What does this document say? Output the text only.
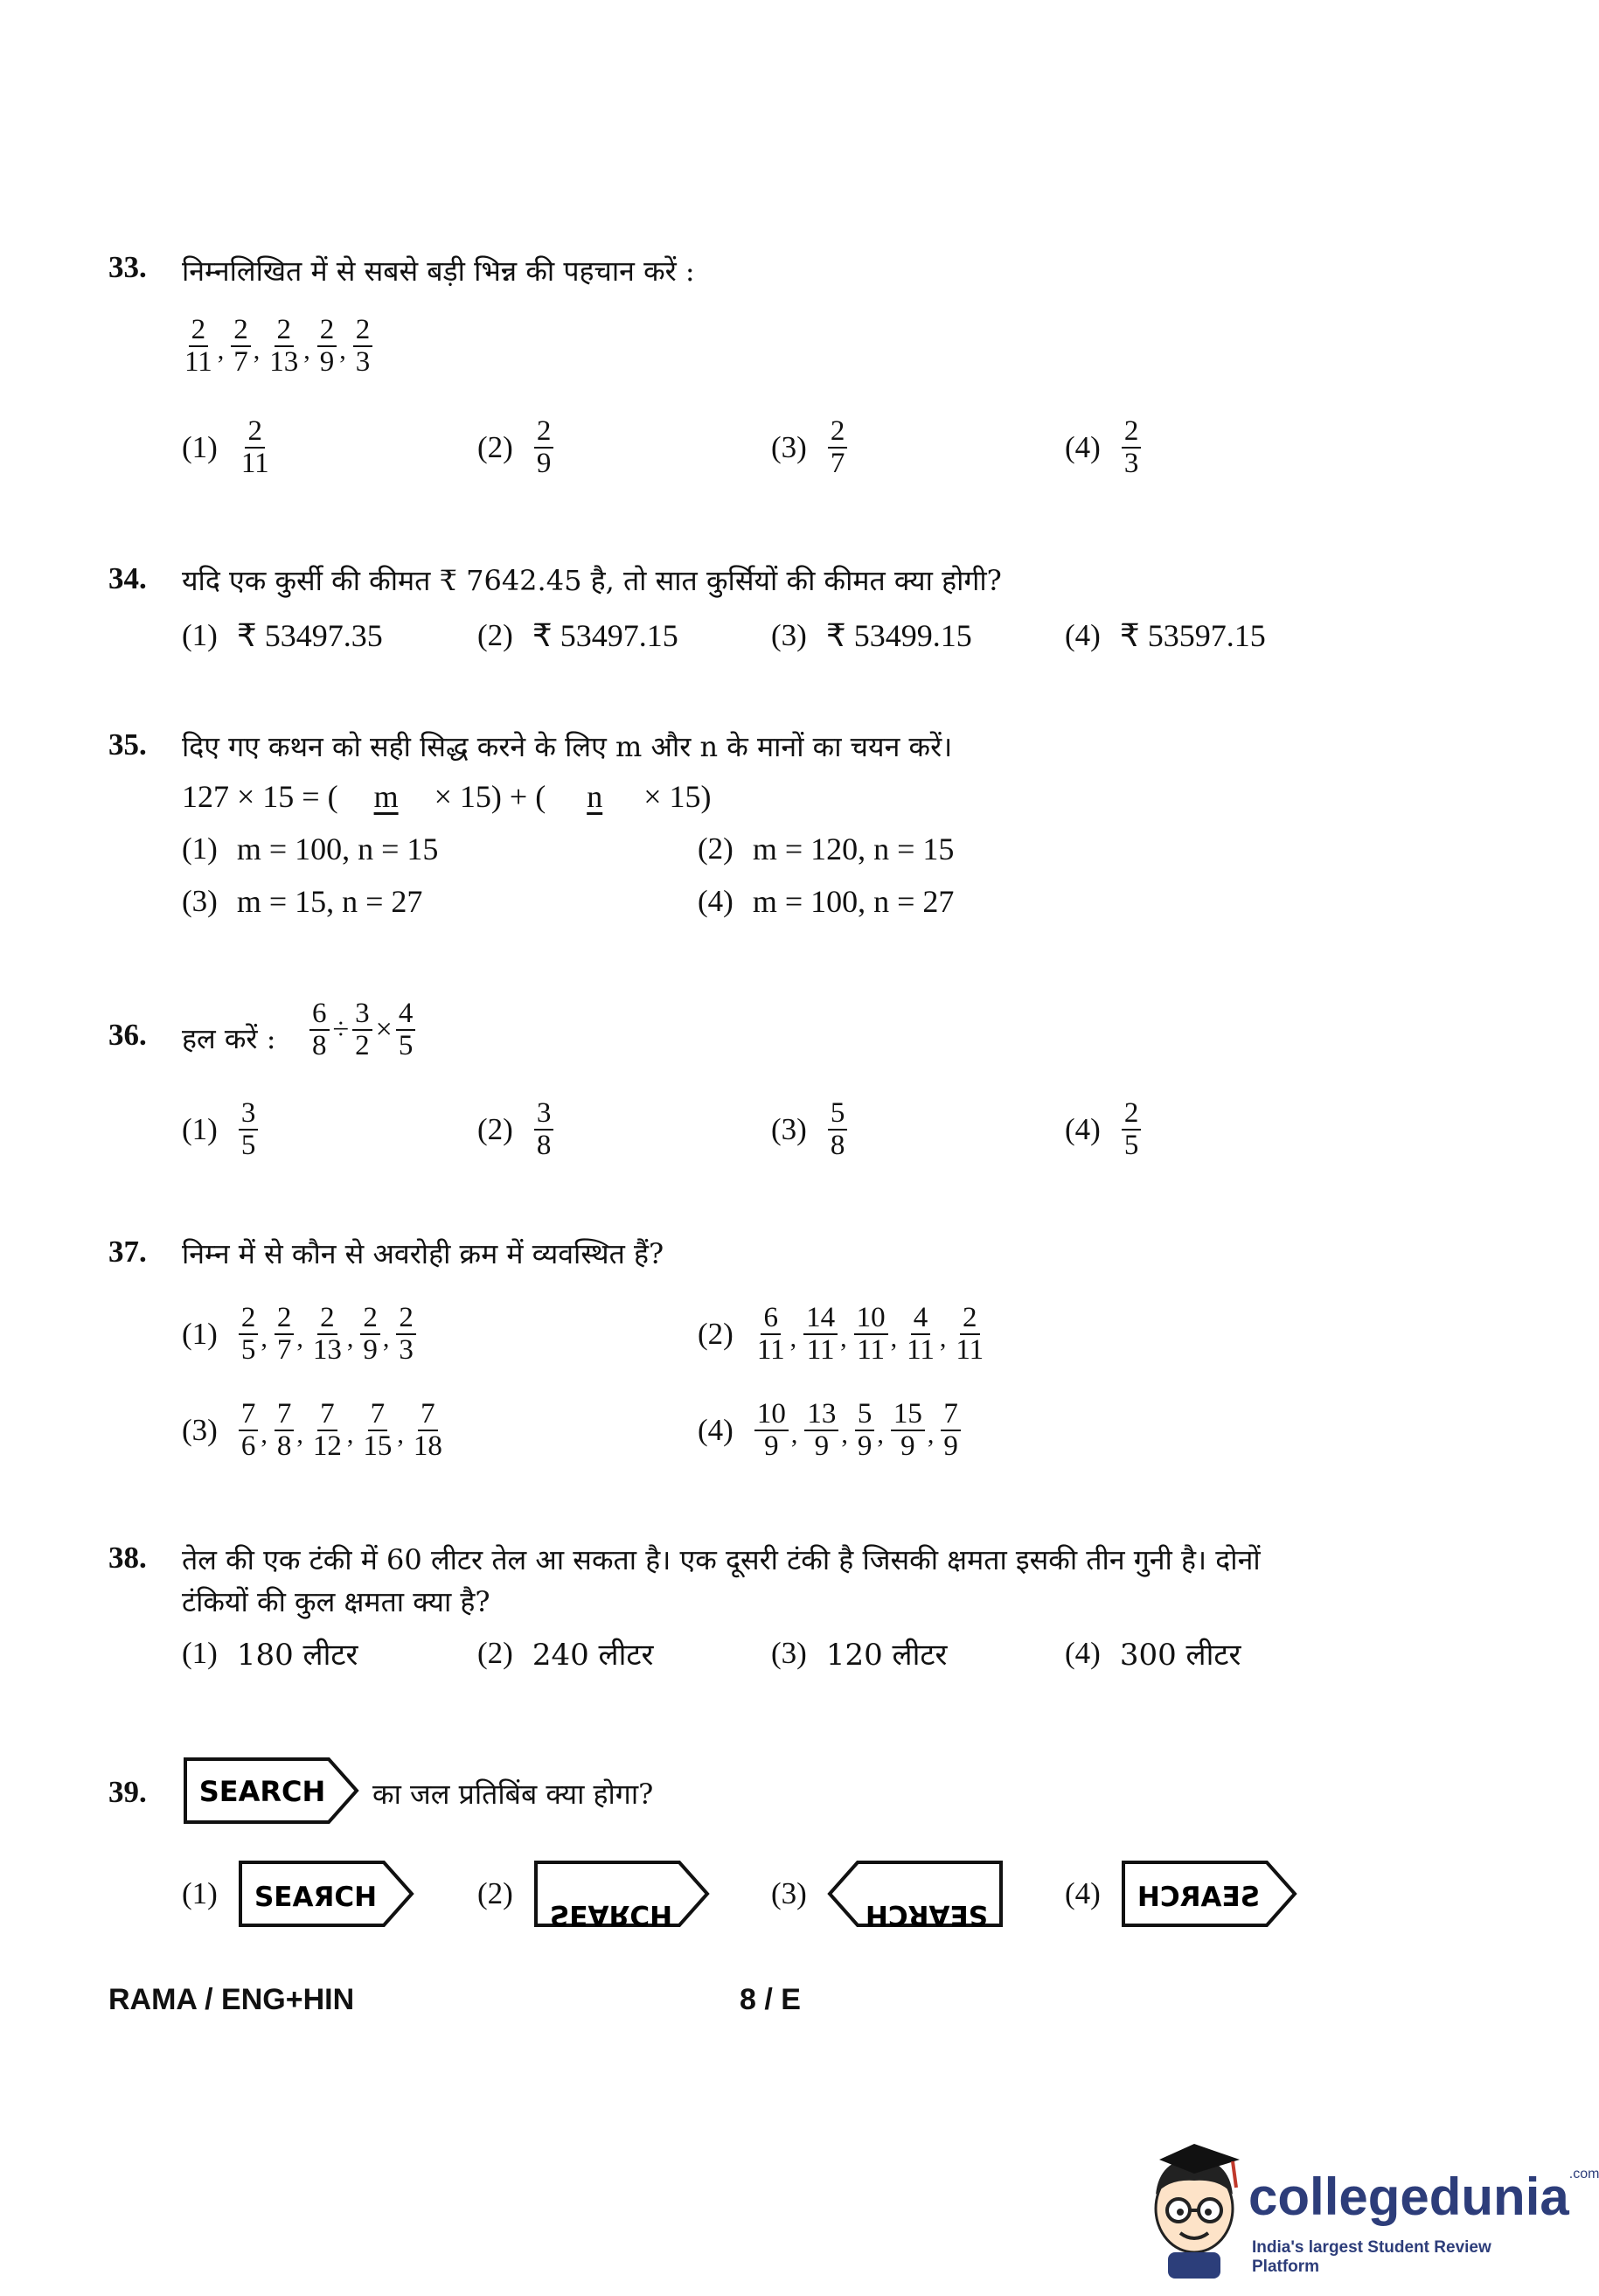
33. निम्नलिखित में से सबसे बड़ी भिन्न की पहचान करें :
$\frac{2}{11}$ , $\frac{2}{7}$ , $\frac{2}{13}$ , $\frac{2}{9}$ , $\frac{2}{3}$
$(1) \frac{2}{11}$	$(2) \frac{2}{9}$	$(3) \frac{2}{7}$	$(4) \frac{2}{3}$
34. यदि एक कुर्सी की कीमत ₹ 7642.45 है, तो सात कुर्सियों की कीमत क्या होगी?
(1) ₹ 53497.35	(2) ₹ 53497.15	(3) ₹ 53499.15	(4) ₹ 53597.15
35. दिए गए कथन को सही सिद्ध करने के लिए m और n के मानों का चयन करें।
127 × 15 = ( m × 15) + ( n × 15)
(1) m = 100, n = 15	(2) m = 120, n = 15
(3) m = 15, n = 27	(4) m = 100, n = 27
36. हल करें : $\frac{6}{8} \div \frac{3}{2} \times \frac{4}{5}$
$(1) \frac{3}{5}$	$(2) \frac{3}{8}$	$(3) \frac{5}{8}$	$(4) \frac{2}{5}$
37. निम्न में से कौन से अवरोही क्रम में व्यवस्थित हैं?
$(1) \frac{2}{5}$ , $\frac{2}{7}$ , $\frac{2}{13}$ , $\frac{2}{9}$ , $\frac{2}{3}$	$(2) \frac{6}{11}$ , $\frac{14}{11}$ , $\frac{10}{11}$ , $\frac{4}{11}$ , $\frac{2}{11}$
$(3) \frac{7}{6}$ , $\frac{7}{8}$ , $\frac{7}{12}$ , $\frac{7}{15}$ , $\frac{7}{18}$	$(4) \frac{10}{9}$ , $\frac{13}{9}$ , $\frac{5}{9}$ , $\frac{15}{9}$ , $\frac{7}{9}$
38. तेल की एक टंकी में 60 लीटर तेल आ सकता है। एक दूसरी टंकी है जिसकी क्षमता इसकी तीन गुनी है। दोनों
टंकियों की कुल क्षमता क्या है?
(1) 180 लीटर	(2) 240 लीटर	(3) 120 लीटर	(4) 300 लीटर
39. SEARCH का जल प्रतिबिंब क्या होगा?
(1) SEAЯCH	(2)
SEARCH
(3)
SEARCH
(4) SEARCH
RAMA / ENG+HIN	8 / E
collegedunia$^{.com}$
India's largest Student Review Platform
